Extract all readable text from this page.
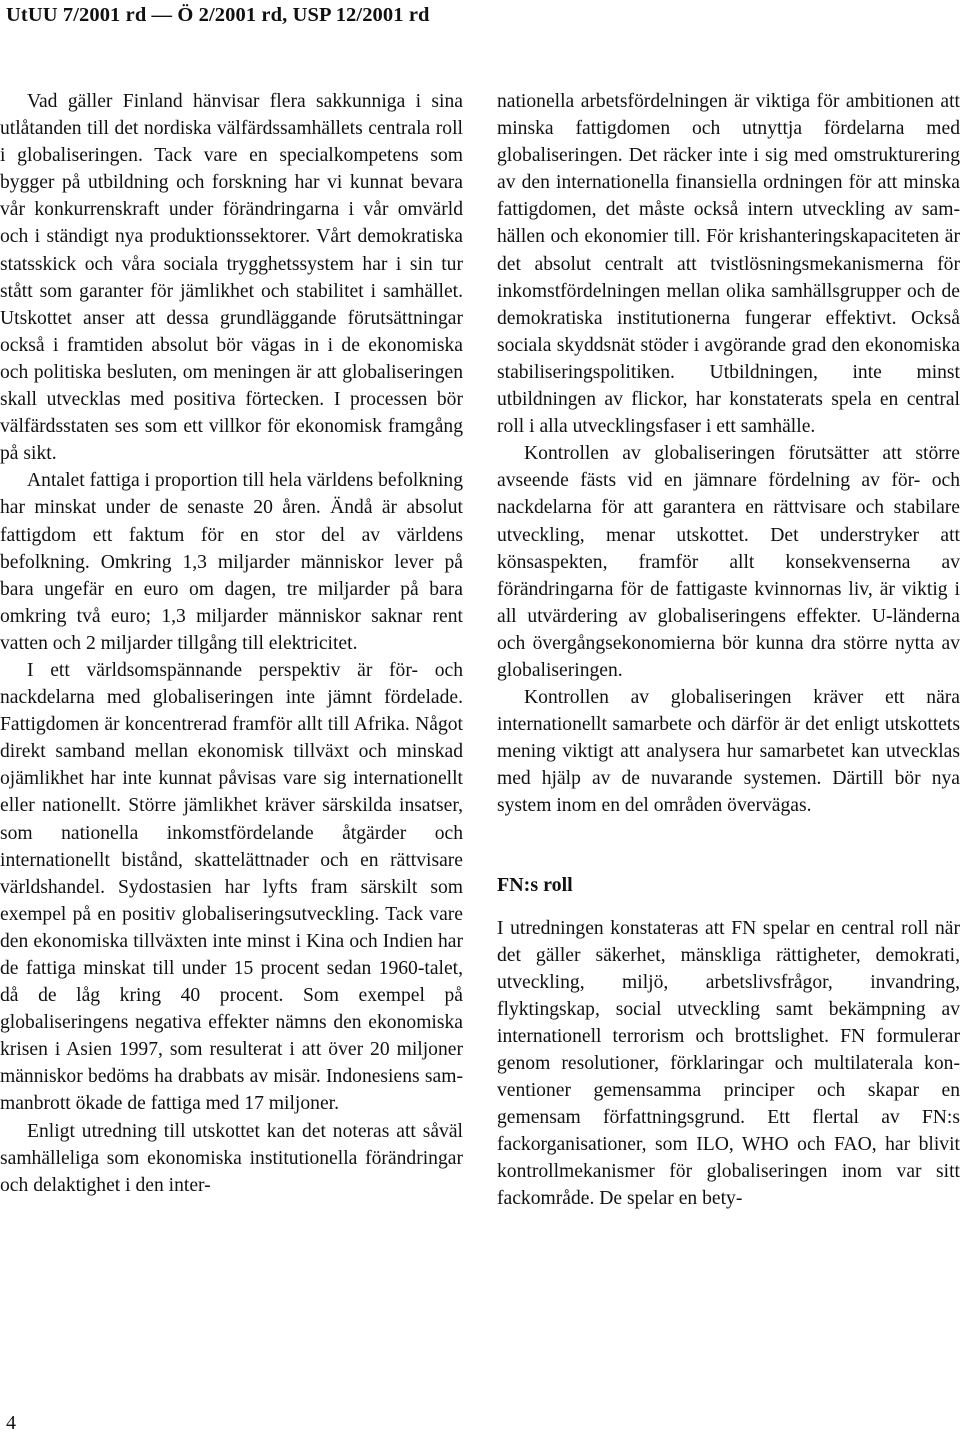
UtUU 7/2001 rd — Ö 2/2001 rd, USP 12/2001 rd

Vad gäller Finland hänvisar flera sakkunniga i sina utlåtanden till det nordiska välfärdssamhällets centrala roll i globaliseringen. Tack vare en specialkompetens som bygger på utbildning och forskning har vi kunnat bevara vår konkurrenskraft under förändringarna i vår omvärld och i ständigt nya produktionssektorer. Vårt demokratiska statsskick och våra sociala trygghetssystem har i sin tur stått som garanter för jämlikhet och stabilitet i samhället. Utskottet anser att dessa grundläggande förutsättningar också i framtiden absolut bör vägas in i de ekonomiska och politiska besluten, om meningen är att globaliseringen skall utvecklas med positiva förtecken. I processen bör välfärdsstaten ses som ett villkor för ekonomisk framgång på sikt.

Antalet fattiga i proportion till hela världens befolkning har minskat under de senaste 20 åren. Ändå är absolut fattigdom ett faktum för en stor del av världens befolkning. Omkring 1,3 miljarder människor lever på bara ungefär en euro om dagen, tre miljarder på bara omkring två euro; 1,3 miljarder människor saknar rent vatten och 2 miljarder tillgång till elektricitet.

I ett världsomspännande perspektiv är för- och nackdelarna med globaliseringen inte jämnt fördelade. Fattigdomen är koncentrerad framför allt till Afrika. Något direkt samband mellan ekonomisk tillväxt och minskad ojämlikhet har inte kunnat påvisas vare sig internationellt eller nationellt. Större jämlikhet kräver särskilda insatser, som nationella inkomstfördelande åtgärder och internationellt bistånd, skattelättnader och en rättvisare världshandel. Sydostasien har lyfts fram särskilt som exempel på en positiv globaliseringsutveckling. Tack vare den ekonomiska tillväxten inte minst i Kina och Indien har de fattiga minskat till under 15 procent sedan 1960-talet, då de låg kring 40 procent. Som exempel på globaliseringens negativa effekter nämns den ekonomiska krisen i Asien 1997, som resulterat i att över 20 miljoner människor bedöms ha drabbats av misär. Indonesiens sammanbrott ökade de fattiga med 17 miljoner.

Enligt utredning till utskottet kan det noteras att såväl samhälleliga som ekonomiska institutionella förändringar och delaktighet i den inter-

nationella arbetsfördelningen är viktiga för ambitionen att minska fattigdomen och utnyttja fördelarna med globaliseringen. Det räcker inte i sig med omstrukturering av den internationella finansiella ordningen för att minska fattigdomen, det måste också intern utveckling av samhällen och ekonomier till. För krishanteringskapaciteten är det absolut centralt att tvistlösningsmekanismerna för inkomstfördelningen mellan olika samhällsgrupper och de demokratiska institutionerna fungerar effektivt. Också sociala skyddsnät stöder i avgörande grad den ekonomiska stabiliseringspolitiken. Utbildningen, inte minst utbildningen av flickor, har konstaterats spela en central roll i alla utvecklingsfaser i ett samhälle.

Kontrollen av globaliseringen förutsätter att större avseende fästs vid en jämnare fördelning av för- och nackdelarna för att garantera en rättvisare och stabilare utveckling, menar utskottet. Det understryker att könsaspekten, framför allt konsekvenserna av förändringarna för de fattigaste kvinnornas liv, är viktig i all utvärdering av globaliseringens effekter. U-länderna och övergångsekonomierna bör kunna dra större nytta av globaliseringen.

Kontrollen av globaliseringen kräver ett nära internationellt samarbete och därför är det enligt utskottets mening viktigt att analysera hur samarbetet kan utvecklas med hjälp av de nuvarande systemen. Därtill bör nya system inom en del områden övervägas.

FN:s roll

I utredningen konstateras att FN spelar en central roll när det gäller säkerhet, mänskliga rättigheter, demokrati, utveckling, miljö, arbetslivsfrågor, invandring, flyktingskap, social utveckling samt bekämpning av internationell terrorism och brottslighet. FN formulerar genom resolutioner, förklaringar och multilaterala konventioner gemensamma principer och skapar en gemensam författningsgrund. Ett flertal av FN:s fackorganisationer, som ILO, WHO och FAO, har blivit kontrollmekanismer för globaliseringen inom var sitt fackområde. De spelar en bety-

4
